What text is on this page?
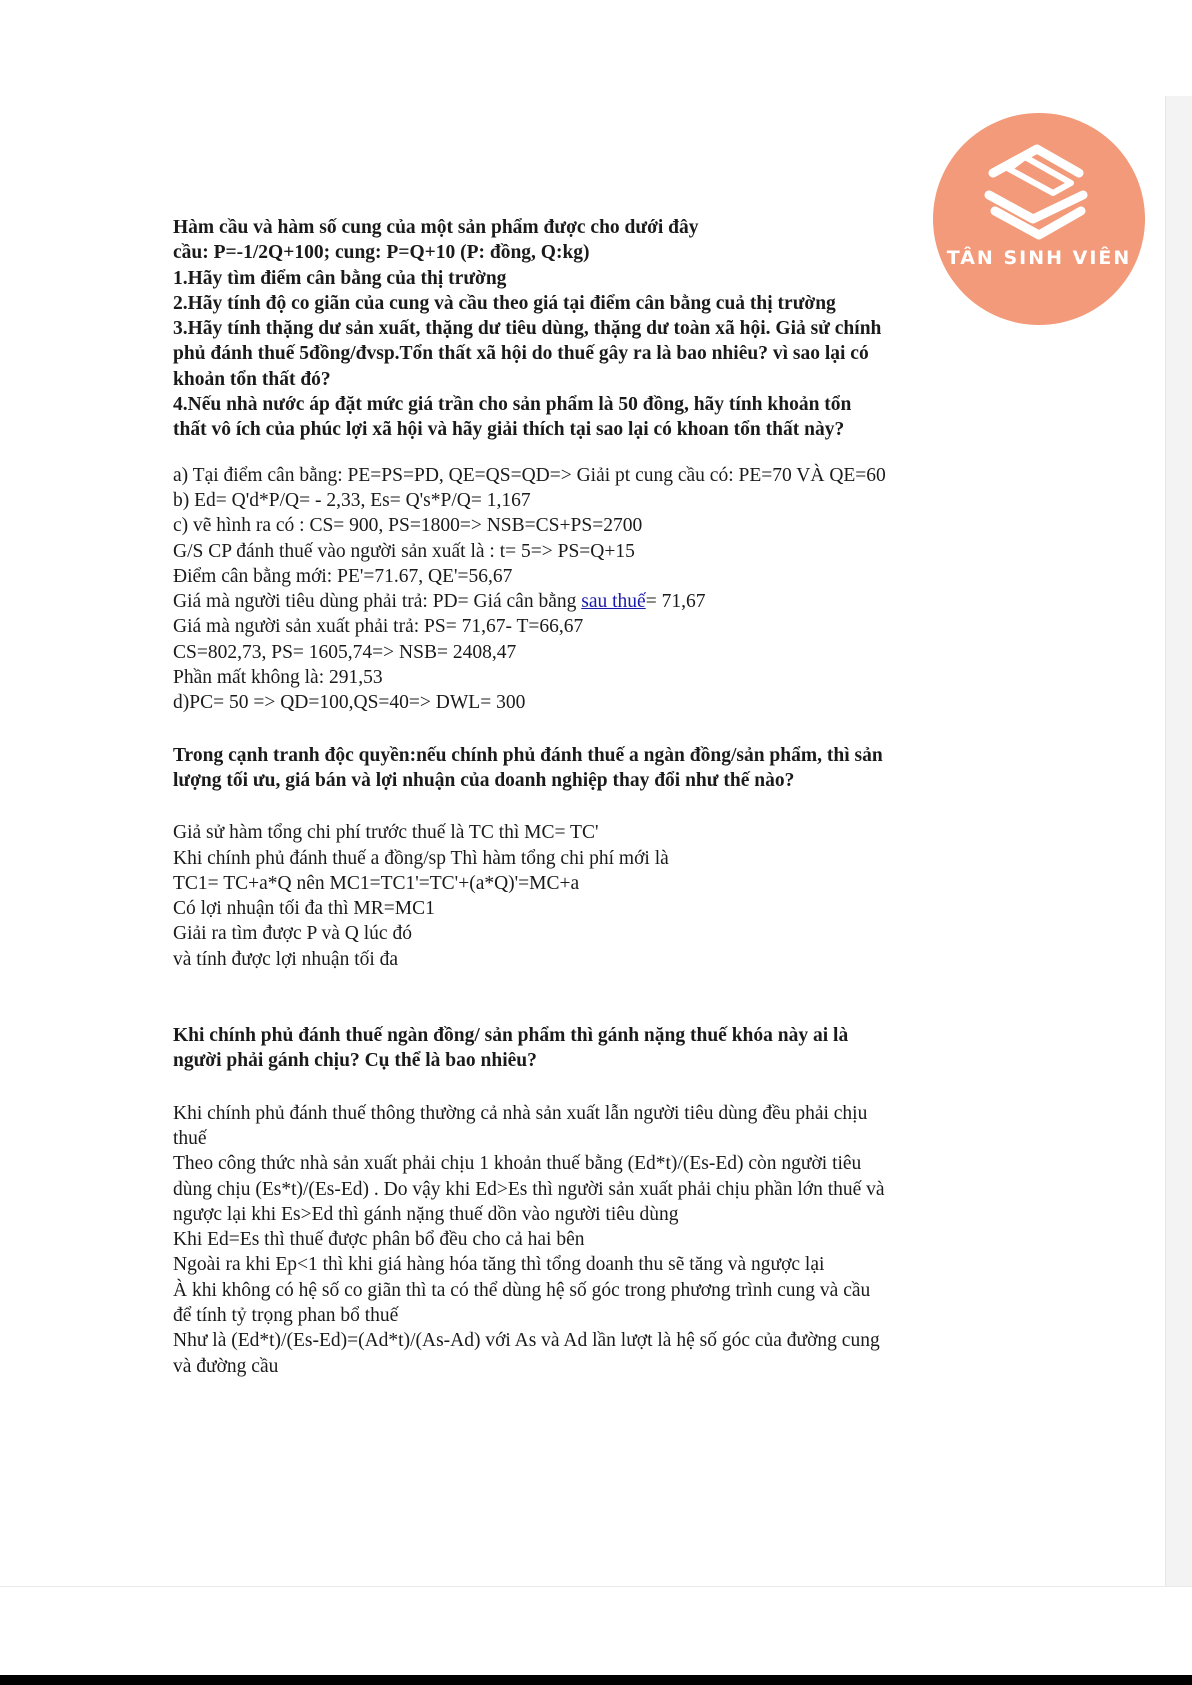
Hàm cầu và hàm số cung của một sản phẩm được cho dưới đây
cầu: P=-1/2Q+100; cung: P=Q+10 (P: đồng, Q:kg)
1.Hãy tìm điểm cân bằng của thị trường
2.Hãy tính độ co giãn của cung và cầu theo giá tại điểm cân bằng cuả thị trường
3.Hãy tính thặng dư sản xuất, thặng dư tiêu dùng, thặng dư toàn xã hội. Giả sử chính
phủ đánh thuế 5đồng/đvsp.Tổn thất xã hội do thuế gây ra là bao nhiêu? vì sao lại có
khoản tổn thất đó?
4.Nếu nhà nước áp đặt mức giá trần cho sản phẩm là 50 đồng, hãy tính khoản tổn
thất vô ích của phúc lợi xã hội và hãy giải thích tại sao lại có khoan tổn thất này?
a) Tại điểm cân bằng: PE=PS=PD, QE=QS=QD=> Giải pt cung cầu có: PE=70 VÀ QE=60
b) Ed= Q'd*P/Q= - 2,33, Es= Q's*P/Q= 1,167
c) vẽ hình ra có : CS= 900, PS=1800=> NSB=CS+PS=2700
G/S CP đánh thuế vào người sản xuất là : t= 5=> PS=Q+15
Điểm cân bằng mới: PE'=71.67, QE'=56,67
Giá mà người tiêu dùng phải trả: PD= Giá cân bằng sau thuế= 71,67
Giá mà người sản xuất phải trả: PS= 71,67- T=66,67
CS=802,73, PS= 1605,74=> NSB= 2408,47
Phần mất không là: 291,53
d)PC= 50 => QD=100,QS=40=> DWL= 300
Trong cạnh tranh độc quyền:nếu chính phủ đánh thuế a ngàn đồng/sản phẩm, thì sản
lượng tối ưu, giá bán và lợi nhuận của doanh nghiệp thay đổi như thế nào?
Giả sử hàm tổng chi phí trước thuế là TC thì MC= TC'
Khi chính phủ đánh thuế a đồng/sp Thì hàm tổng chi phí mới là
TC1= TC+a*Q nên MC1=TC1'=TC'+(a*Q)'=MC+a
Có lợi nhuận tối đa thì MR=MC1
Giải ra tìm được P và Q lúc đó
và tính được lợi nhuận tối đa
Khi chính phủ đánh thuế ngàn đồng/ sản phẩm thì gánh nặng thuế khóa này ai là
người phải gánh chịu? Cụ thể là bao nhiêu?
Khi chính phủ đánh thuế thông thường cả nhà sản xuất lẫn người tiêu dùng đều phải chịu
thuế
Theo công thức nhà sản xuất phải chịu 1 khoản thuế bằng (Ed*t)/(Es-Ed) còn người tiêu
dùng chịu (Es*t)/(Es-Ed) . Do vậy khi Ed>Es thì người sản xuất phải chịu phần lớn thuế và
ngược lại khi Es>Ed thì gánh nặng thuế dồn vào người tiêu dùng
Khi Ed=Es thì thuế được phân bổ đều cho cả hai bên
Ngoài ra khi Ep<1 thì khi giá hàng hóa tăng thì tổng doanh thu sẽ tăng và ngược lại
À khi không có hệ số co giãn thì ta có thể dùng hệ số góc trong phương trình cung và cầu
để tính tỷ trọng phan bổ thuế
Như là (Ed*t)/(Es-Ed)=(Ad*t)/(As-Ad) với As và Ad lần lượt là hệ số góc của đường cung
và đường cầu
TÂN SINH VIÊN
